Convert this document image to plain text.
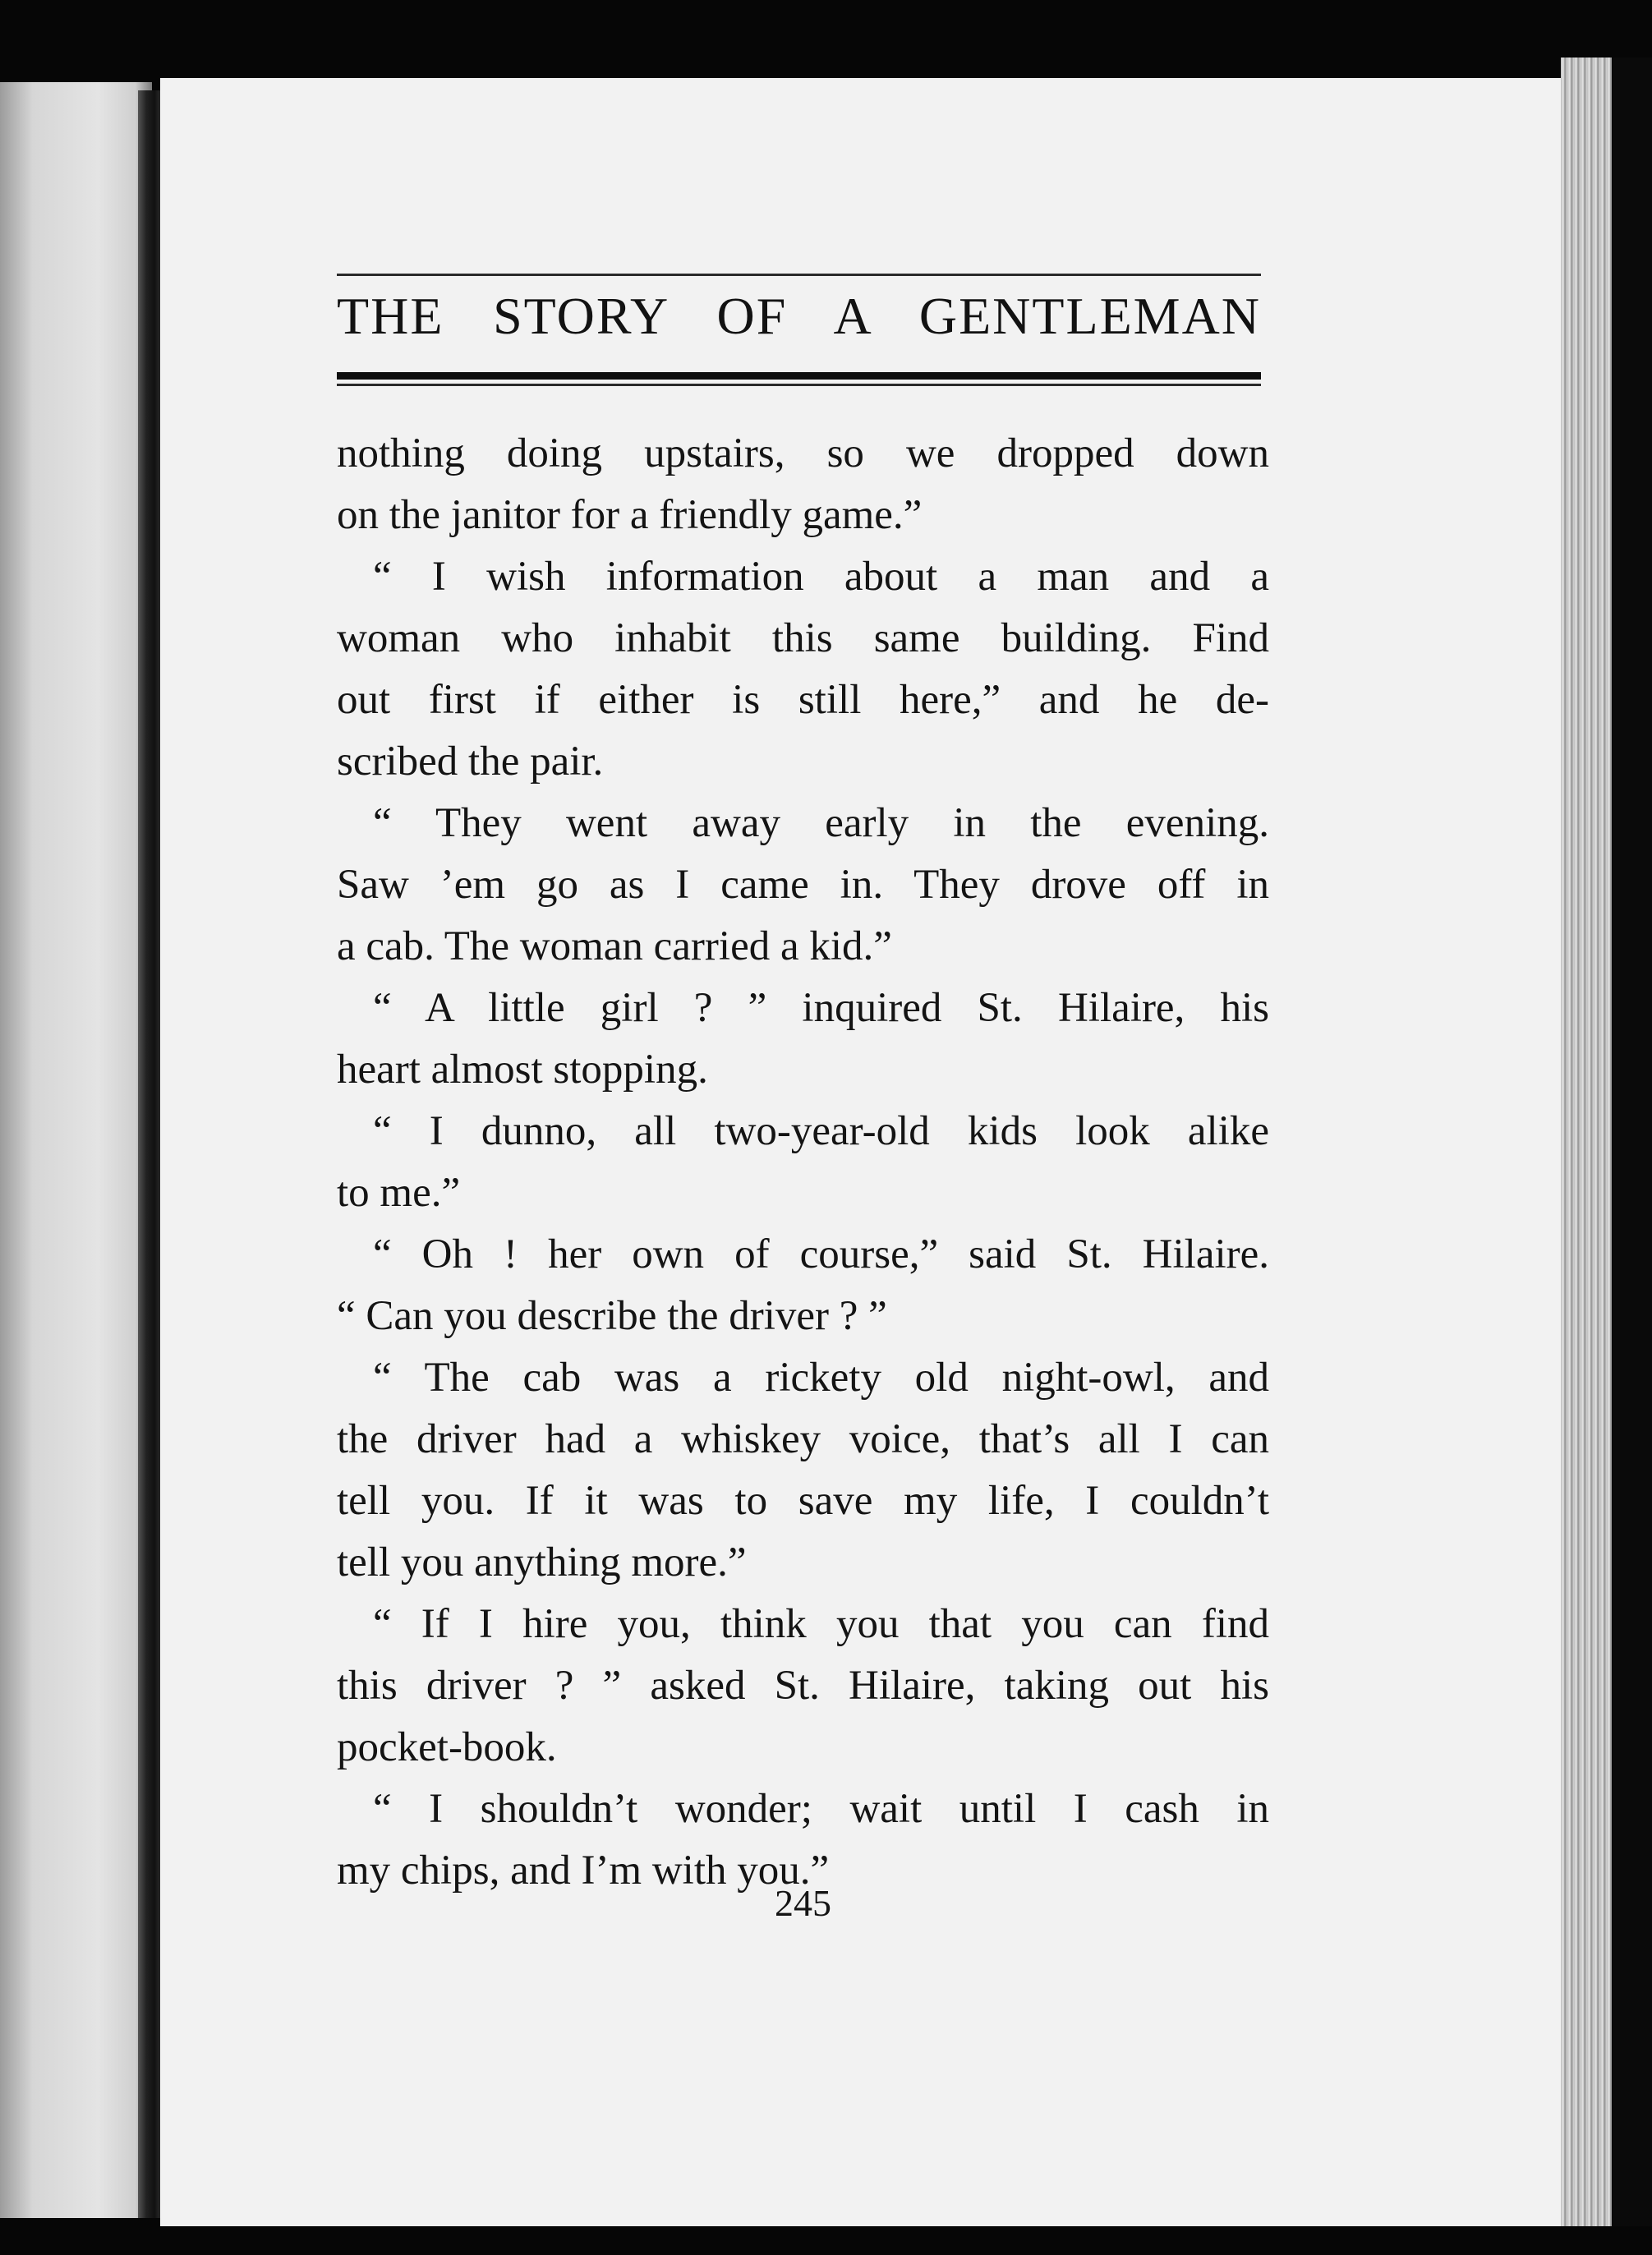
THE STORY OF A GENTLEMAN
nothing doing upstairs, so we dropped down
on the janitor for a friendly game.”
“ I wish information about a man and a
woman who inhabit this same building. Find
out first if either is still here,” and he de-
scribed the pair.
“ They went away early in the evening.
Saw ’em go as I came in. They drove off in
a cab. The woman carried a kid.”
“ A little girl ? ” inquired St. Hilaire, his
heart almost stopping.
“ I dunno, all two-year-old kids look alike
to me.”
“ Oh ! her own of course,” said St. Hilaire.
“ Can you describe the driver ? ”
“ The cab was a rickety old night-owl, and
the driver had a whiskey voice, that’s all I can
tell you. If it was to save my life, I couldn’t
tell you anything more.”
“ If I hire you, think you that you can find
this driver ? ” asked St. Hilaire, taking out his
pocket-book.
“ I shouldn’t wonder; wait until I cash in
my chips, and I’m with you.”
245
